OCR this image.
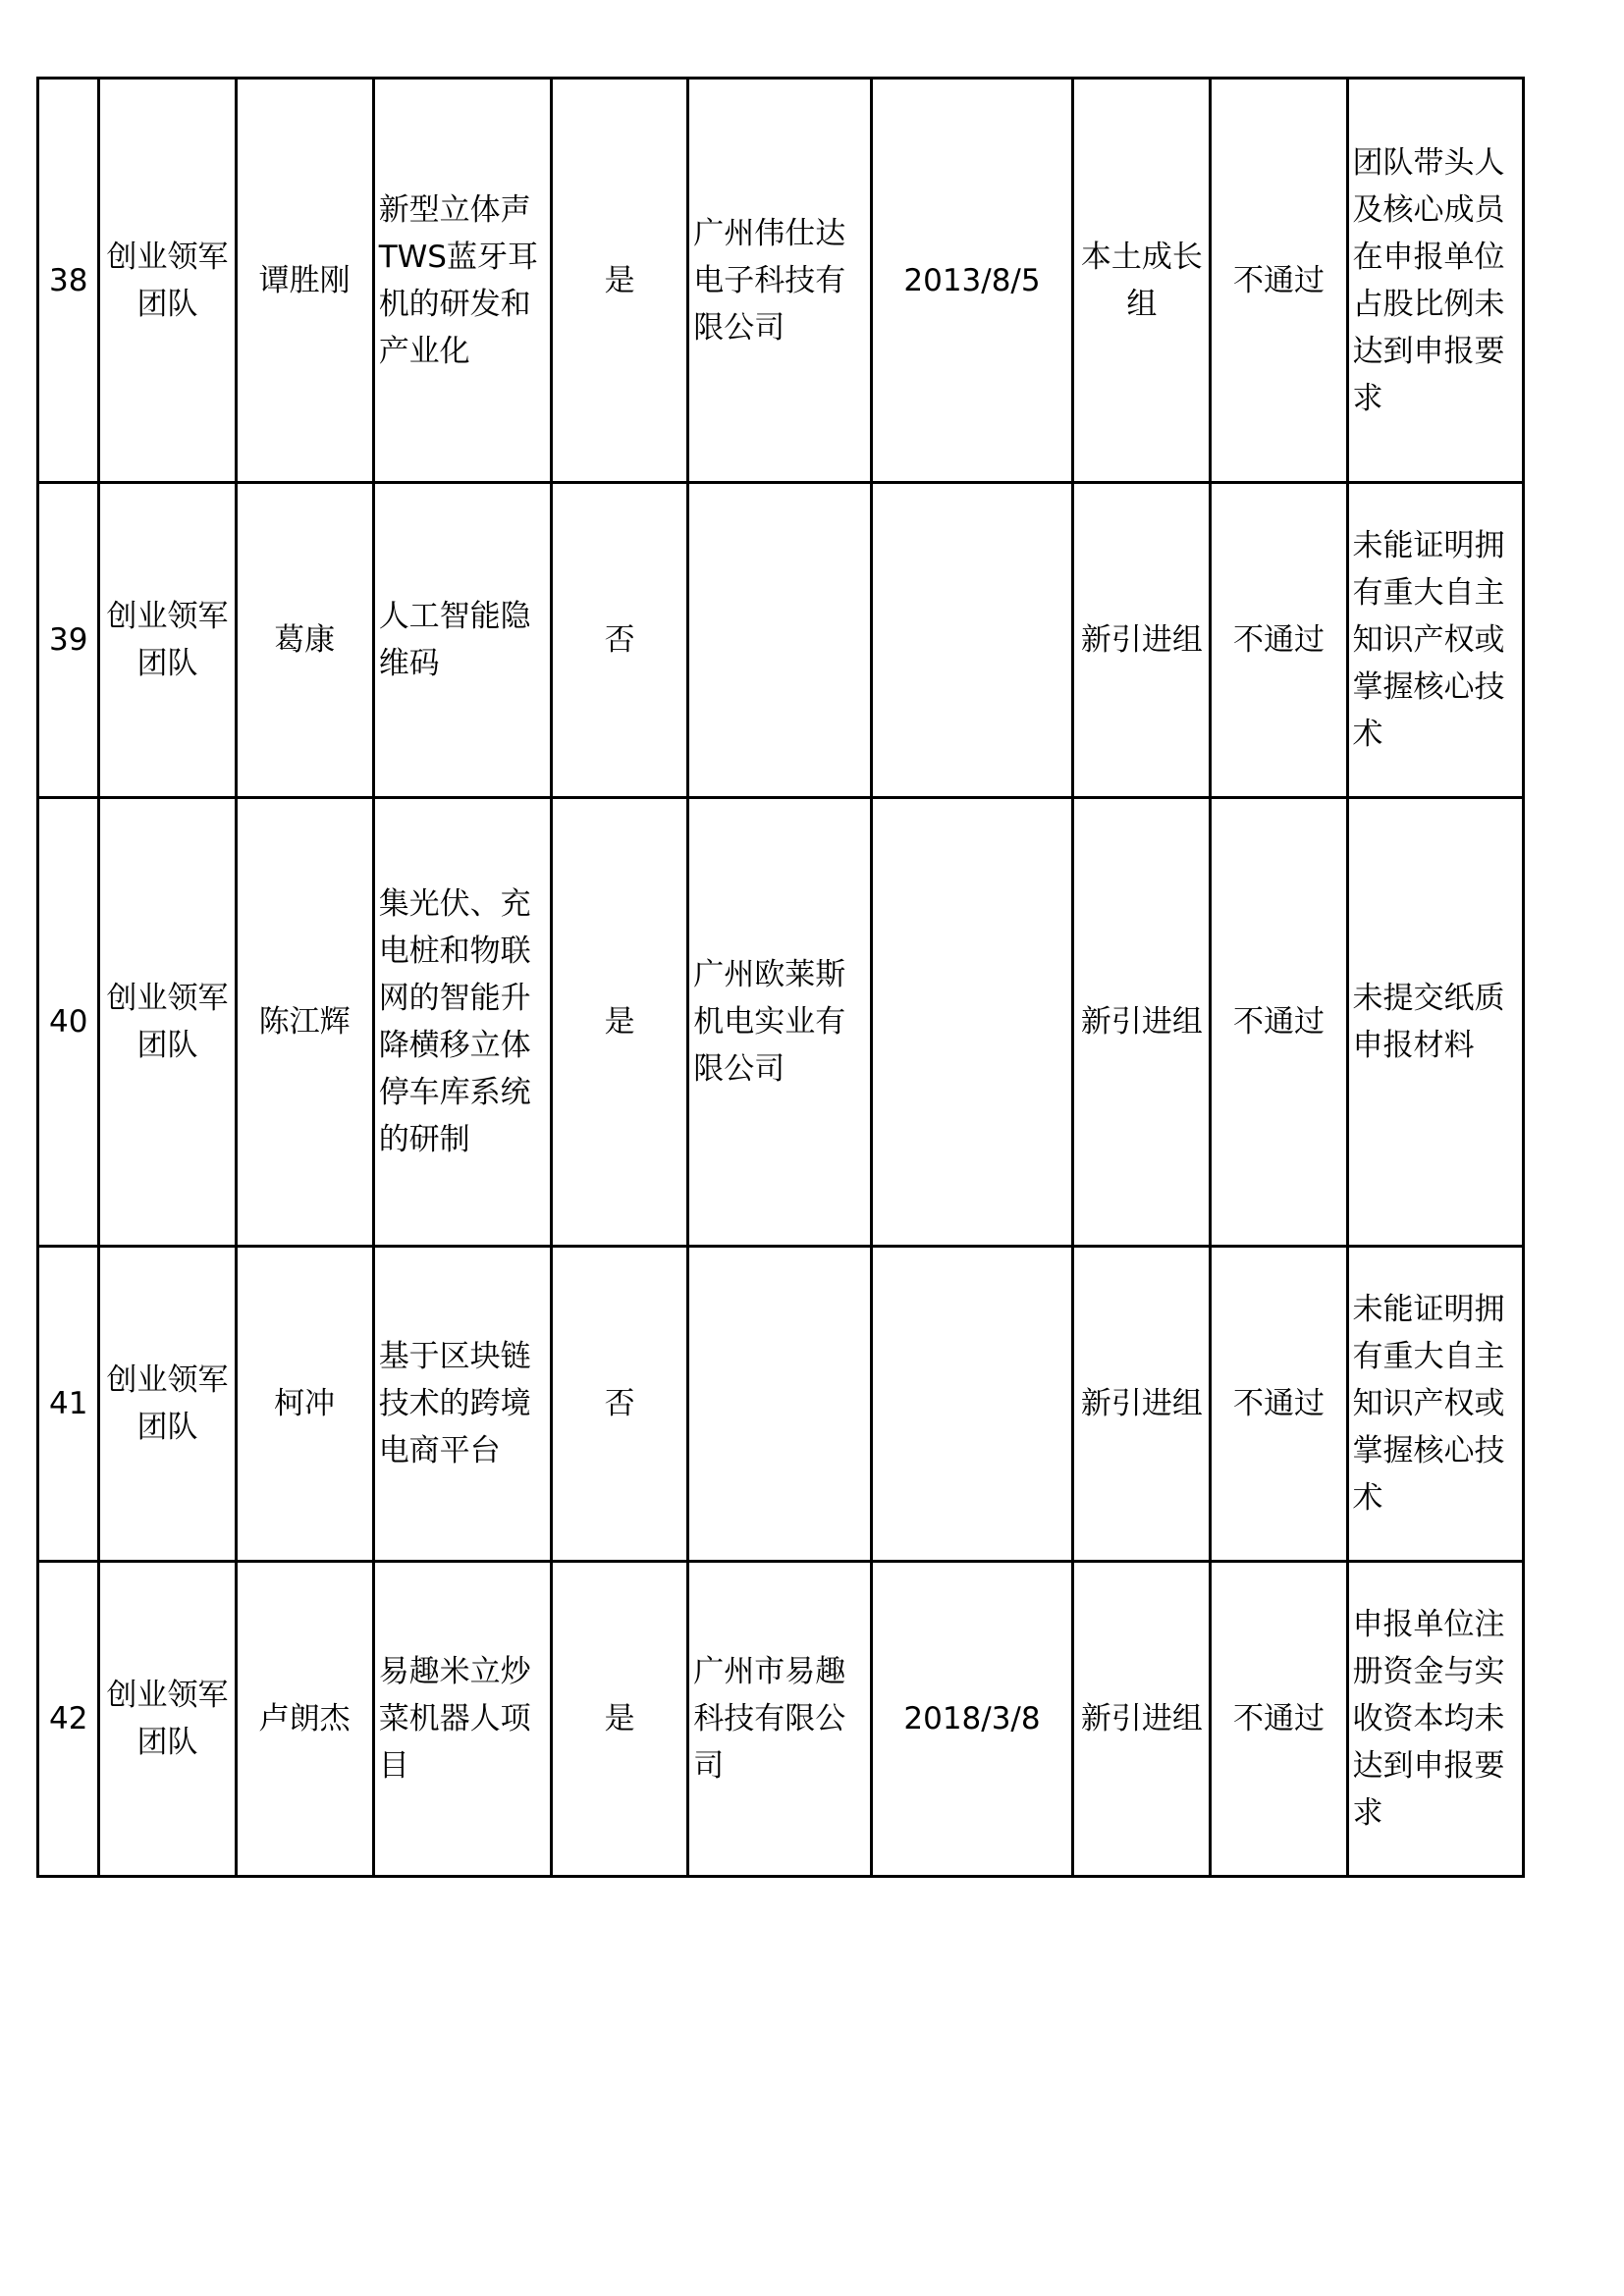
38	创业领军团队	谭胜刚	新型立体声TWS蓝牙耳机的研发和产业化	是	广州伟仕达电子科技有限公司	2013/8/5	本土成长组	不通过	团队带头人及核心成员在申报单位占股比例未达到申报要求
39	创业领军团队	葛康	人工智能隐维码	否			新引进组	不通过	未能证明拥有重大自主知识产权或掌握核心技术
40	创业领军团队	陈江辉	集光伏、充电桩和物联网的智能升降横移立体停车库系统的研制	是	广州欧莱斯机电实业有限公司		新引进组	不通过	未提交纸质申报材料
41	创业领军团队	柯冲	基于区块链技术的跨境电商平台	否			新引进组	不通过	未能证明拥有重大自主知识产权或掌握核心技术
42	创业领军团队	卢朗杰	易趣米立炒菜机器人项目	是	广州市易趣科技有限公司	2018/3/8	新引进组	不通过	申报单位注册资金与实收资本均未达到申报要求
